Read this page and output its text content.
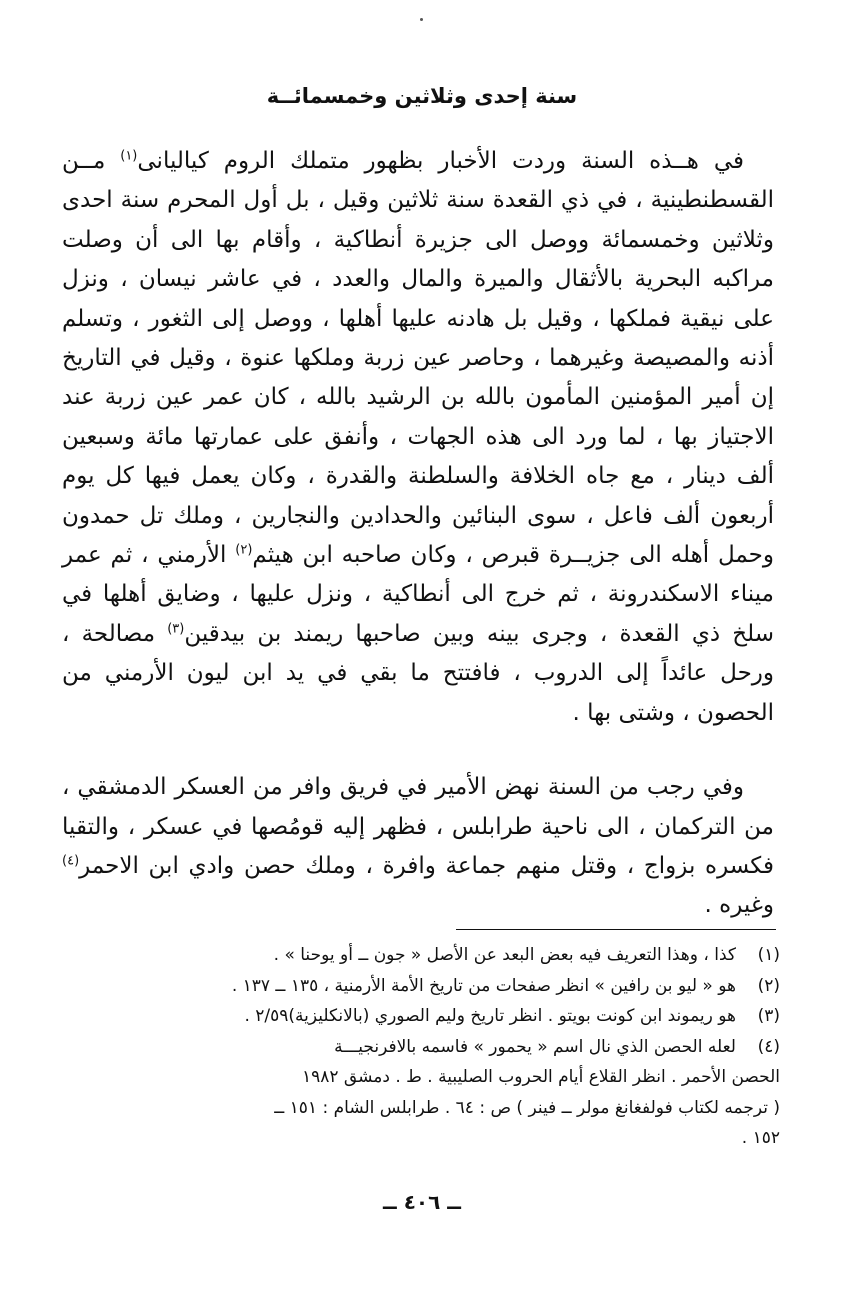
سنة إحدى وثلاثين وخمسمائــة

في هــذه السنة وردت الأخبار بظهور متملك الروم كياليانى$^{(١)}$ مــن القسطنطينية ، في ذي القعدة سنة ثلاثين وقيل ، بل أول المحرم سنة احدى وثلاثين وخمسمائة ووصل الى جزيرة أنطاكية ، وأقام بها الى أن وصلت مراكبه البحرية بالأثقال والميرة والمال والعدد ، في عاشر نيسان ، ونزل على نيقية فملكها ، وقيل بل هادنه عليها أهلها ، ووصل إلى الثغور ، وتسلم أذنه والمصيصة وغيرهما ، وحاصر عين زربة وملكها عنوة ، وقيل في التاريخ إن أمير المؤمنين المأمون بالله بن الرشيد بالله ، كان عمر عين زربة عند الاجتياز بها ، لما ورد الى هذه الجهات ، وأنفق على عمارتها مائة وسبعين ألف دينار ، مع جاه الخلافة والسلطنة والقدرة ، وكان يعمل فيها كل يوم أربعون ألف فاعل ، سوى البنائين والحدادين والنجارين ، وملك تل حمدون وحمل أهله الى جزيــرة قبرص ، وكان صاحبه ابن هيثم$^{(٢)}$ الأرمني ، ثم عمر ميناء الاسكندرونة ، ثم خرج الى أنطاكية ، ونزل عليها ، وضايق أهلها في سلخ ذي القعدة ، وجرى بينه وبين صاحبها ريمند بن بيدقين$^{(٣)}$ مصالحة ، ورحل عائداً إلى الدروب ، فافتتح ما بقي في يد ابن ليون الأرمني من الحصون ، وشتى بها .

وفي رجب من السنة نهض الأمير في فريق وافر من العسكر الدمشقي ، من التركمان ، الى ناحية طرابلس ، فظهر إليه قومُصها في عسكر ، والتقيا فكسره بزواج ، وقتل منهم جماعة وافرة ، وملك حصن وادي ابن الاحمر$^{(٤)}$ وغيره .

(١)
كذا ، وهذا التعريف فيه بعض البعد عن الأصل « جون ــ أو يوحنا » .
(٢)
هو « ليو بن رافين » انظر صفحات من تاريخ الأمة الأرمنية ، ١٣٥ ــ ١٣٧ .
(٣)
هو ريموند ابن كونت بويتو . انظر تاريخ وليم الصوري (بالانكليزية)٢/٥٩ .
(٤)
لعله الحصن الذي نال اسم « يحمور » فاسمه بالافرنجيـــة
الحصن الأحمر . انظر القلاع أيام الحروب الصليبية . ط . دمشق ١٩٨٢
( ترجمه لكتاب فولفغانغ مولر ــ فينر ) ص : ٦٤ . طرابلس الشام : ١٥١ ــ
١٥٢ .
ــ ٤٠٦ ــ
